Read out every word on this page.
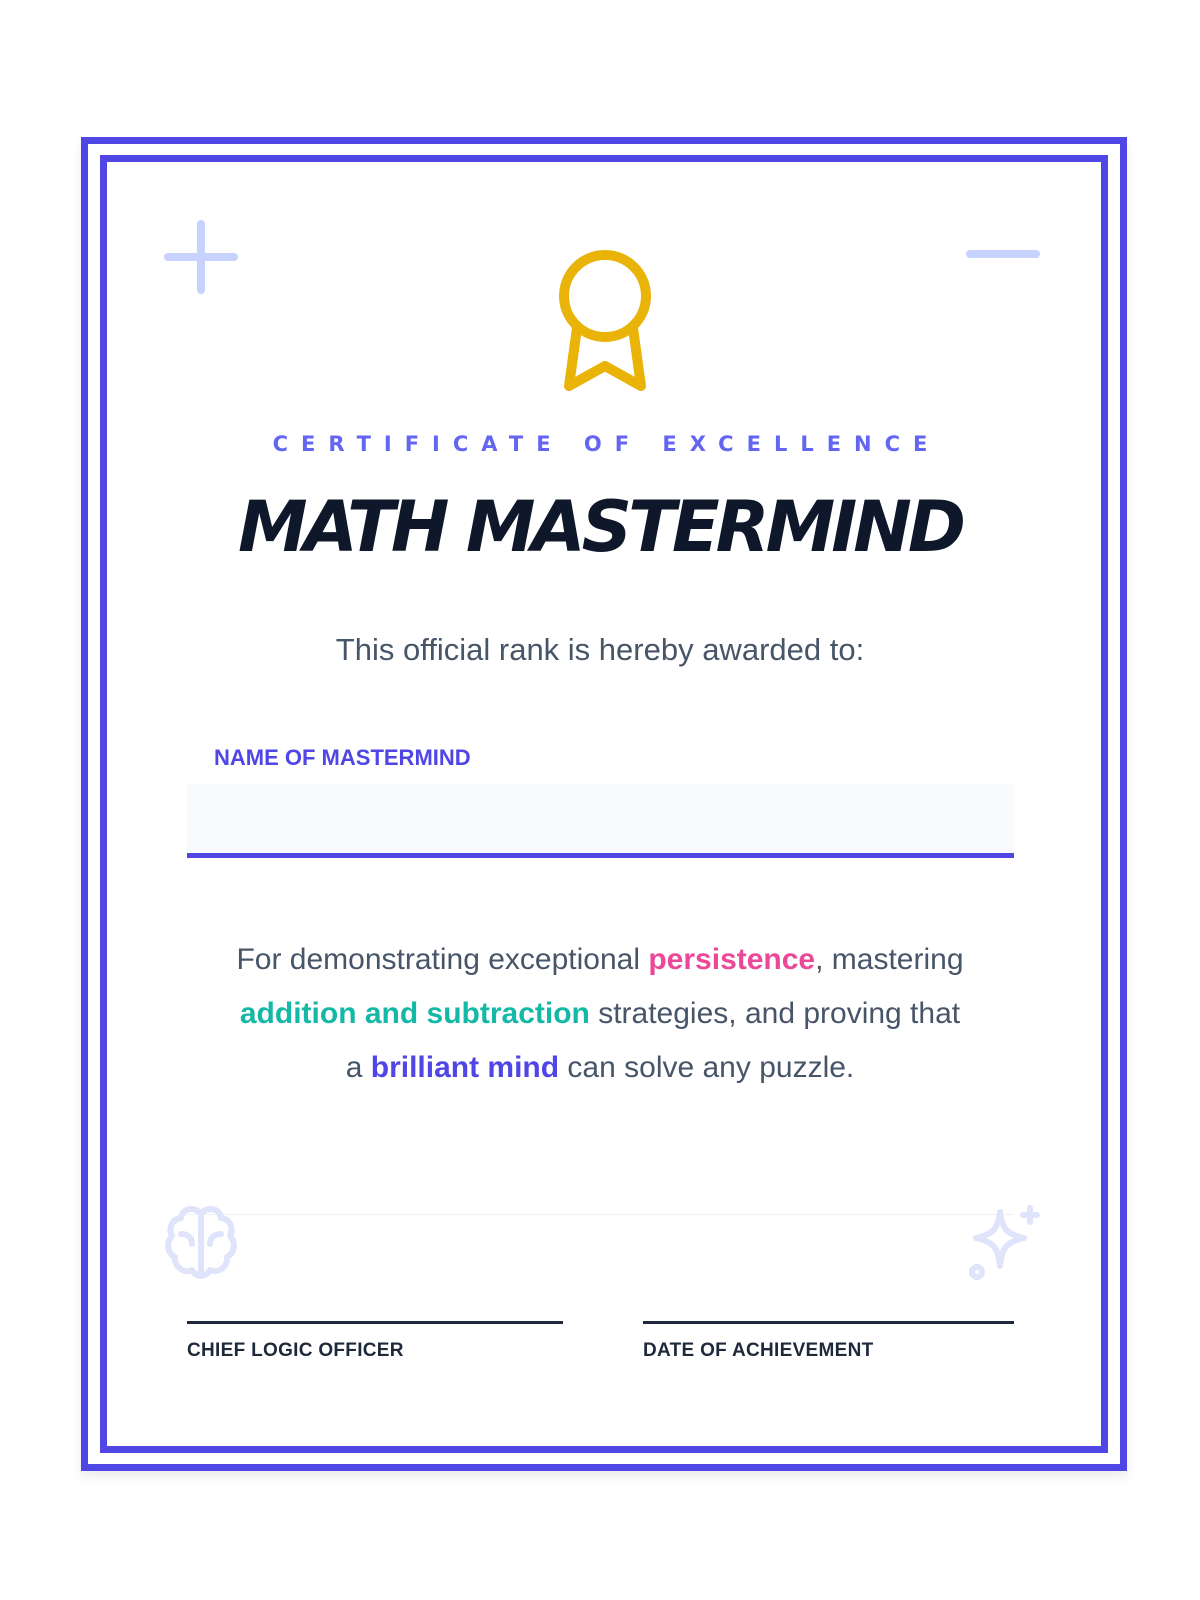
CERTIFICATE OF EXCELLENCE
MATH MASTERMIND
This official rank is hereby awarded to:
NAME OF MASTERMIND
For demonstrating exceptional persistence, mastering addition and subtraction strategies, and proving that a brilliant mind can solve any puzzle.
CHIEF LOGIC OFFICER	DATE OF ACHIEVEMENT
